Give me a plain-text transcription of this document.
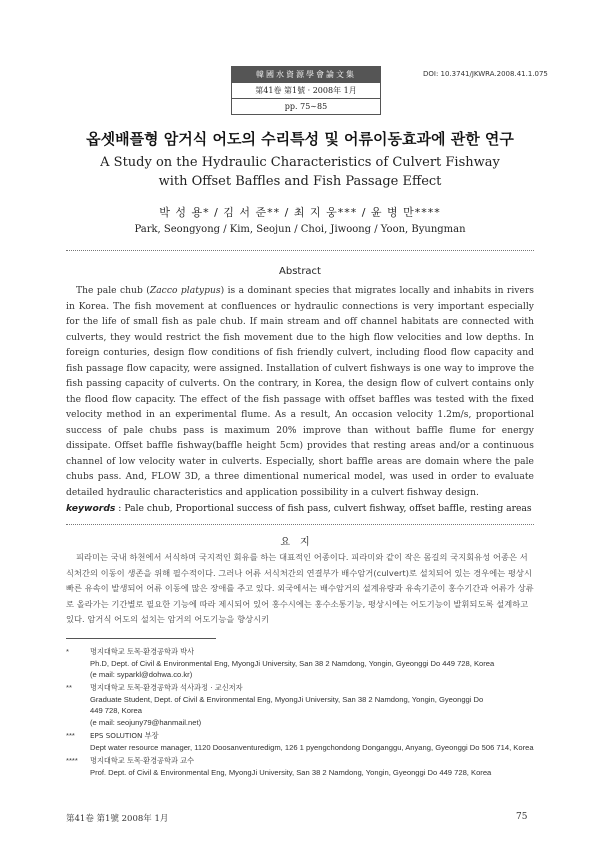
韓國水資源學會論文集
第41卷 第1號 · 2008年 1月
pp. 75∼85
DOI: 10.3741/JKWRA.2008.41.1.075
옵셋배플형 암거식 어도의 수리특성 및 어류이동효과에 관한 연구
A Study on the Hydraulic Characteristics of Culvert Fishway
with Offset Baffles and Fish Passage Effect
박 성 용* / 김 서 준** / 최 지 웅*** / 윤 병 만****
Park, Seongyong / Kim, Seojun / Choi, Jiwoong / Yoon, Byungman
Abstract
The pale chub (Zacco platypus) is a dominant species that migrates locally and inhabits in rivers in Korea. The fish movement at confluences or hydraulic connections is very important especially for the life of small fish as pale chub. If main stream and off channel habitats are connected with culverts, they would restrict the fish movement due to the high flow velocities and low depths. In foreign conturies, design flow conditions of fish friendly culvert, including flood flow capacity and fish passage flow capacity, were assigned. Installation of culvert fishways is one way to improve the fish passing capacity of culverts. On the contrary, in Korea, the design flow of culvert contains only the flood flow capacity. The effect of the fish passage with offset baffles was tested with the fixed velocity method in an experimental flume. As a result, An occasion velocity 1.2m/s, proportional success of pale chubs pass is maximum 20% improve than without baffle flume for energy dissipate. Offset baffle fishway(baffle height 5cm) provides that resting areas and/or a continuous channel of low velocity water in culverts. Especially, short baffle areas are domain where the pale chubs pass. And, FLOW 3D, a three dimentional numerical model, was used in order to evaluate detailed hydraulic characteristics and application possibility in a culvert fishway design.
keywords : Pale chub, Proportional success of fish pass, culvert fishway, offset baffle, resting areas
요지
피라미는 국내 하천에서 서식하며 국지적인 회유를 하는 대표적인 어종이다. 피라미와 같이 작은 몸길의 국지회유성 어종은 서식처간의 이동이 생존을 위해 필수적이다. 그러나 어류 서식처간의 연결부가 배수암거(culvert)로 설치되어 있는 경우에는 평상시 빠른 유속이 발생되어 어류 이동에 많은 장애를 주고 있다. 외국에서는 배수암거의 설계유량과 유속기준이 홍수기간과 어류가 상류로 올라가는 기간별로 필요한 기능에 따라 제시되어 있어 홍수시에는 홍수소통기능, 평상시에는 어도기능이 발휘되도록 설계하고 있다. 암거식 어도의 설치는 암거의 어도기능을 향상시키
*	명지대학교 토목·환경공학과 박사
Ph.D, Dept. of Civil & Environmental Eng, MyongJi University, San 38 2 Namdong, Yongin, Gyeonggi Do 449 728, Korea
(e mail: syparkl@dohwa.co.kr)
**	명지대학교 토목·환경공학과 석사과정 · 교신저자
Graduate Student, Dept. of Civil & Environmental Eng, MyongJi University, San 38 2 Namdong, Yongin, Gyeonggi Do
449 728, Korea
(e mail: seojuny79@hanmail.net)
***	EPS SOLUTION 부장
Dept water resource manager, 1120 Doosanventuredigm, 126 1 pyengchondong Donganggu, Anyang, Gyeonggi Do 506 714, Korea
****	명지대학교 토목·환경공학과 교수
Prof. Dept. of Civil & Environmental Eng, MyongJi University, San 38 2 Namdong, Yongin, Gyeonggi Do 449 728, Korea
第41卷 第1號 2008年 1月	75
